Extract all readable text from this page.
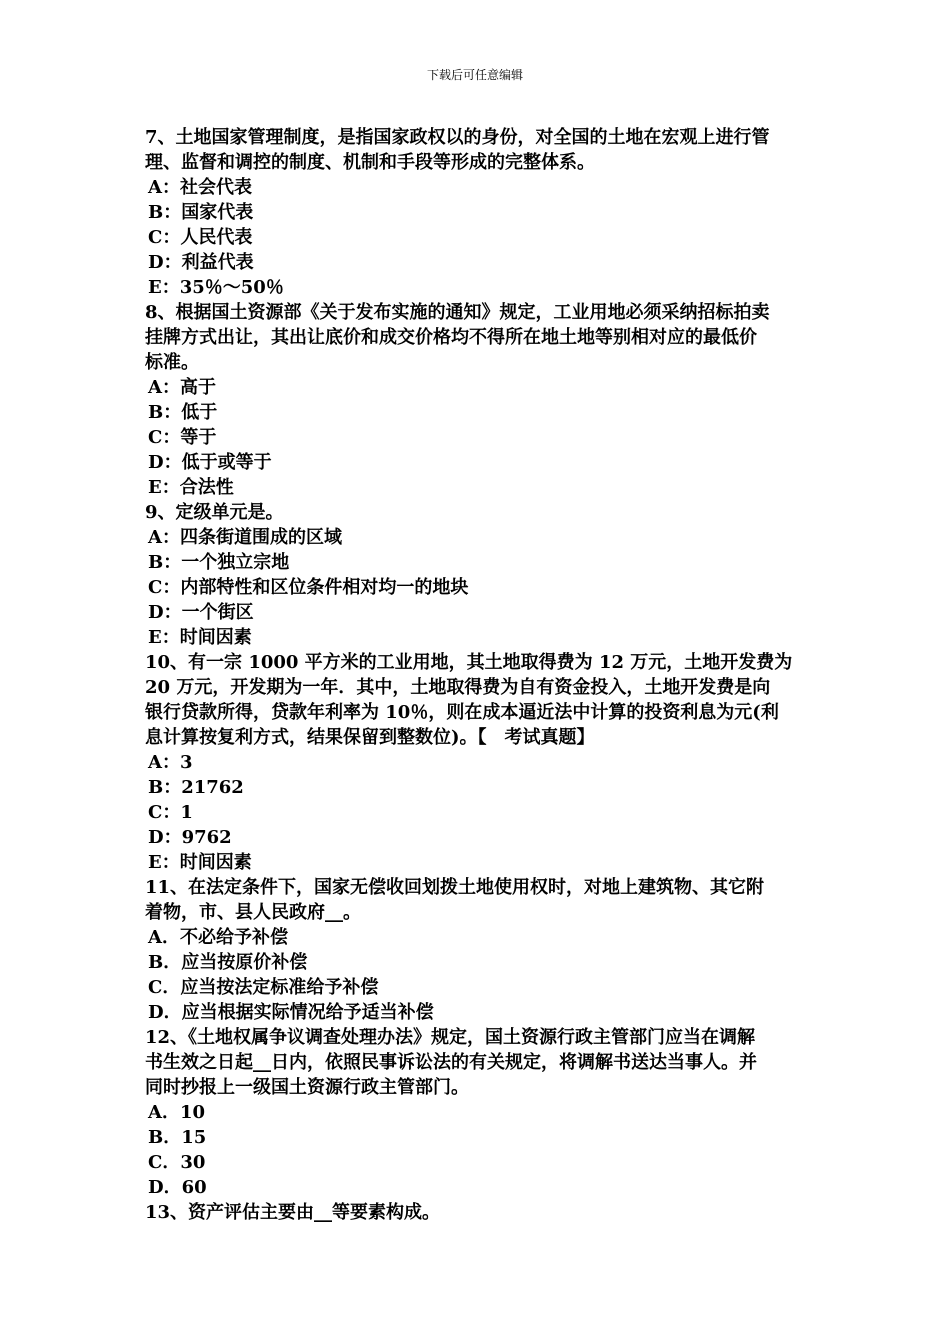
下载后可任意编辑
7、土地国家管理制度，是指国家政权以的身份，对全国的土地在宏观上进行管
理、监督和调控的制度、机制和手段等形成的完整体系。
A：社会代表
B：国家代表
C：人民代表
D：利益代表
E：35％～50％
8、根据国土资源部《关于发布实施的通知》规定，工业用地必须采纳招标拍卖
挂牌方式出让，其出让底价和成交价格均不得所在地土地等别相对应的最低价
标准。
A：高于
B：低于
C：等于
D：低于或等于
E：合法性
9、定级单元是。
A：四条街道围成的区域
B：一个独立宗地
C：内部特性和区位条件相对均一的地块
D：一个街区
E：时间因素
10、有一宗 1000 平方米的工业用地，其土地取得费为 12 万元，土地开发费为
20 万元，开发期为一年．其中，土地取得费为自有资金投入，土地开发费是向
银行贷款所得，贷款年利率为 10％，则在成本逼近法中计算的投资利息为元(利
息计算按复利方式，结果保留到整数位)。【　考试真题】
A：3
B：21762
C：1
D：9762
E：时间因素
11、在法定条件下，国家无偿收回划拨土地使用权时，对地上建筑物、其它附
着物，市、县人民政府__。
A．不必给予补偿
B．应当按原价补偿
C．应当按法定标准给予补偿
D．应当根据实际情况给予适当补偿
12、《土地权属争议调查处理办法》规定，国土资源行政主管部门应当在调解
书生效之日起__日内，依照民事诉讼法的有关规定，将调解书送达当事人。并
同时抄报上一级国土资源行政主管部门。
A．10
B．15
C．30
D．60
13、资产评估主要由__等要素构成。
